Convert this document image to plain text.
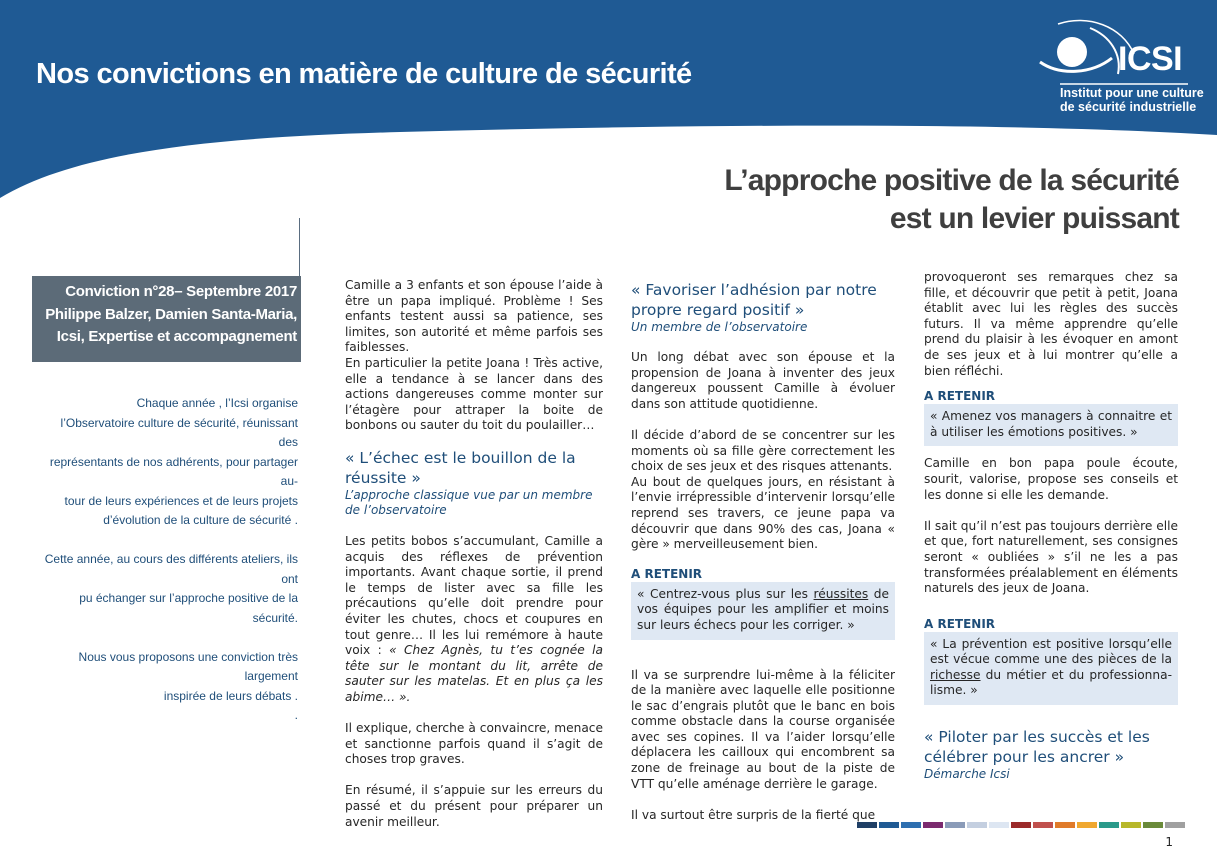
Nos convictions en matière de culture de sécurité	ICSI
Institut pour une culture
de sécurité industrielle
L’approche positive de la sécurité
est un levier puissant
Conviction n°28– Septembre 2017
Philippe Balzer, Damien Santa-Maria,
Icsi, Expertise et accompagnement

Chaque année , l’Icsi organise

l’Observatoire culture de sécurité, réunissant des

représentants de nos adhérents, pour partager au-

tour de leurs expériences et de leurs projets

d’évolution de la culture de sécurité .

Cette année, au cours des différents ateliers, ils ont

pu échanger sur l’approche positive de la sécurité.

Nous vous proposons une conviction très largement

inspirée de leurs débats .

.

Camille a 3 enfants et son épouse l’aide à être un papa impliqué. Problème ! Ses enfants testent aussi sa patience, ses limites, son autorité et même parfois ses faiblesses.

En particulier la petite Joana ! Très active, elle a tendance à se lancer dans des actions dangereuses comme monter sur l’étagère pour attraper la boite de bonbons ou sauter du toit du poulailler…

« L’échec est le bouillon de la réussite »
L’approche classique vue par un membre de l’observatoire

Les petits bobos s’accumulant, Camille a acquis des réflexes de prévention importants. Avant chaque sortie, il prend le temps de lister avec sa fille les précautions qu’elle doit prendre pour éviter les chutes, chocs et coupures en tout genre… Il les lui remémore à haute voix : « Chez Agnès, tu t’es cognée la tête sur le montant du lit, arrête de sauter sur les matelas. Et en plus ça les abime… ».

Il explique, cherche à convaincre, menace et sanctionne parfois quand il s’agit de choses trop graves.

En résumé, il s’appuie sur les erreurs du passé et du présent pour préparer un avenir meilleur.

« Favoriser l’adhésion par notre propre regard positif »
Un membre de l’observatoire

Un long débat avec son épouse et la propension de Joana à inventer des jeux dangereux poussent Camille à évoluer dans son attitude quotidienne.

Il décide d’abord de se concentrer sur les moments où sa fille gère correctement les choix de ses jeux et des risques attenants.

Au bout de quelques jours, en résistant à l’envie irrépressible d’intervenir lorsqu’elle reprend ses travers, ce jeune papa va découvrir que dans 90% des cas, Joana « gère » merveilleusement bien.

A RETENIR
« Centrez-vous plus sur les réussites de vos équipes pour les amplifier et moins sur leurs échecs pour les corriger. »

Il va se surprendre lui-même à la féliciter de la manière avec laquelle elle positionne le sac d’engrais plutôt que le banc en bois comme obstacle dans la course organisée avec ses copines. Il va l’aider lorsqu’elle déplacera les cailloux qui encombrent sa zone de freinage au bout de la piste de VTT qu’elle aménage derrière le garage.

Il va surtout être surpris de la fierté que

provoqueront ses remarques chez sa fille, et découvrir que petit à petit, Joana établit avec lui les règles des succès futurs. Il va même apprendre qu’elle prend du plaisir à les évoquer en amont de ses jeux et à lui montrer qu’elle a bien réfléchi.

A RETENIR
« Amenez vos managers à connaitre et à utiliser les émotions positives. »

Camille en bon papa poule écoute, sourit, valorise, propose ses conseils et les donne si elle les demande.

Il sait qu’il n’est pas toujours derrière elle et que, fort naturellement, ses consignes seront « oubliées » s’il ne les a pas transformées préalablement en éléments naturels des jeux de Joana.

A RETENIR
« La prévention est positive lorsqu’elle est vécue comme une des pièces de la richesse du métier et du professionna-lisme. »
« Piloter par les succès et les célébrer pour les ancrer »
Démarche Icsi
1
